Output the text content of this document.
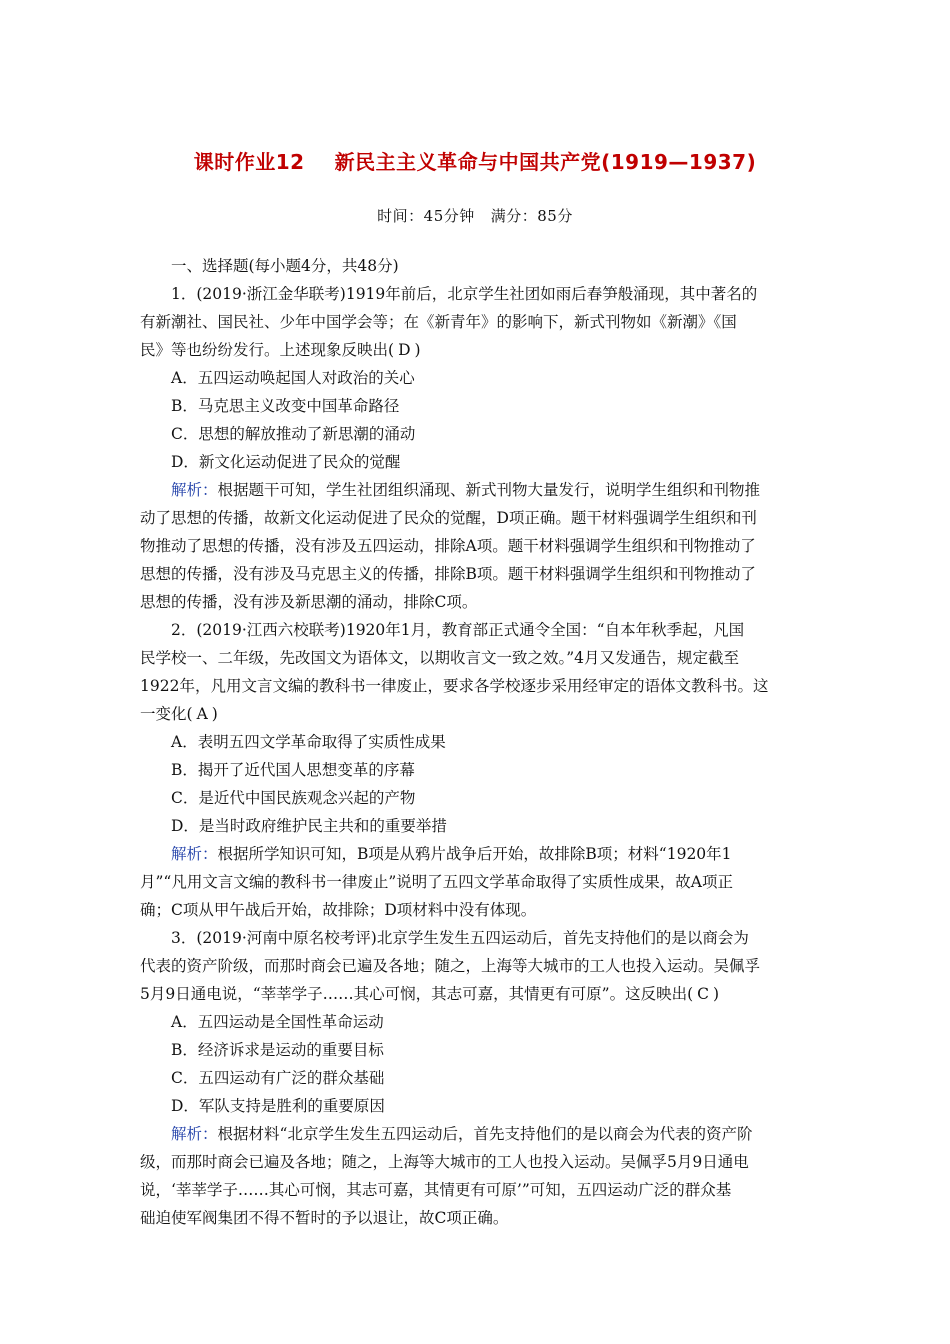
课时作业12 新民主主义革命与中国共产党(1919—1937)
时间：45分钟 满分：85分
一、选择题(每小题4分，共48分)
1．(2019·浙江金华联考)1919年前后，北京学生社团如雨后春笋般涌现，其中著名的
有新潮社、国民社、少年中国学会等；在《新青年》的影响下，新式刊物如《新潮》《国
民》等也纷纷发行。上述现象反映出( D )
A．五四运动唤起国人对政治的关心
B．马克思主义改变中国革命路径
C．思想的解放推动了新思潮的涌动
D．新文化运动促进了民众的觉醒
解析：根据题干可知，学生社团组织涌现、新式刊物大量发行，说明学生组织和刊物推
动了思想的传播，故新文化运动促进了民众的觉醒，D项正确。题干材料强调学生组织和刊
物推动了思想的传播，没有涉及五四运动，排除A项。题干材料强调学生组织和刊物推动了
思想的传播，没有涉及马克思主义的传播，排除B项。题干材料强调学生组织和刊物推动了
思想的传播，没有涉及新思潮的涌动，排除C项。
2．(2019·江西六校联考)1920年1月，教育部正式通令全国：“自本年秋季起，凡国
民学校一、二年级，先改国文为语体文，以期收言文一致之效。”4月又发通告，规定截至
1922年，凡用文言文编的教科书一律废止，要求各学校逐步采用经审定的语体文教科书。这
一变化( A )
A．表明五四文学革命取得了实质性成果
B．揭开了近代国人思想变革的序幕
C．是近代中国民族观念兴起的产物
D．是当时政府维护民主共和的重要举措
解析：根据所学知识可知，B项是从鸦片战争后开始，故排除B项；材料“1920年1
月”“凡用文言文编的教科书一律废止”说明了五四文学革命取得了实质性成果，故A项正
确；C项从甲午战后开始，故排除；D项材料中没有体现。
3．(2019·河南中原名校考评)北京学生发生五四运动后，首先支持他们的是以商会为
代表的资产阶级，而那时商会已遍及各地；随之，上海等大城市的工人也投入运动。吴佩孚
5月9日通电说，“莘莘学子……其心可悯，其志可嘉，其情更有可原”。这反映出( C )
A．五四运动是全国性革命运动
B．经济诉求是运动的重要目标
C．五四运动有广泛的群众基础
D．军队支持是胜利的重要原因
解析：根据材料“北京学生发生五四运动后，首先支持他们的是以商会为代表的资产阶
级，而那时商会已遍及各地；随之，上海等大城市的工人也投入运动。吴佩孚5月9日通电
说，‘莘莘学子……其心可悯，其志可嘉，其情更有可原’”可知，五四运动广泛的群众基
础迫使军阀集团不得不暂时的予以退让，故C项正确。
